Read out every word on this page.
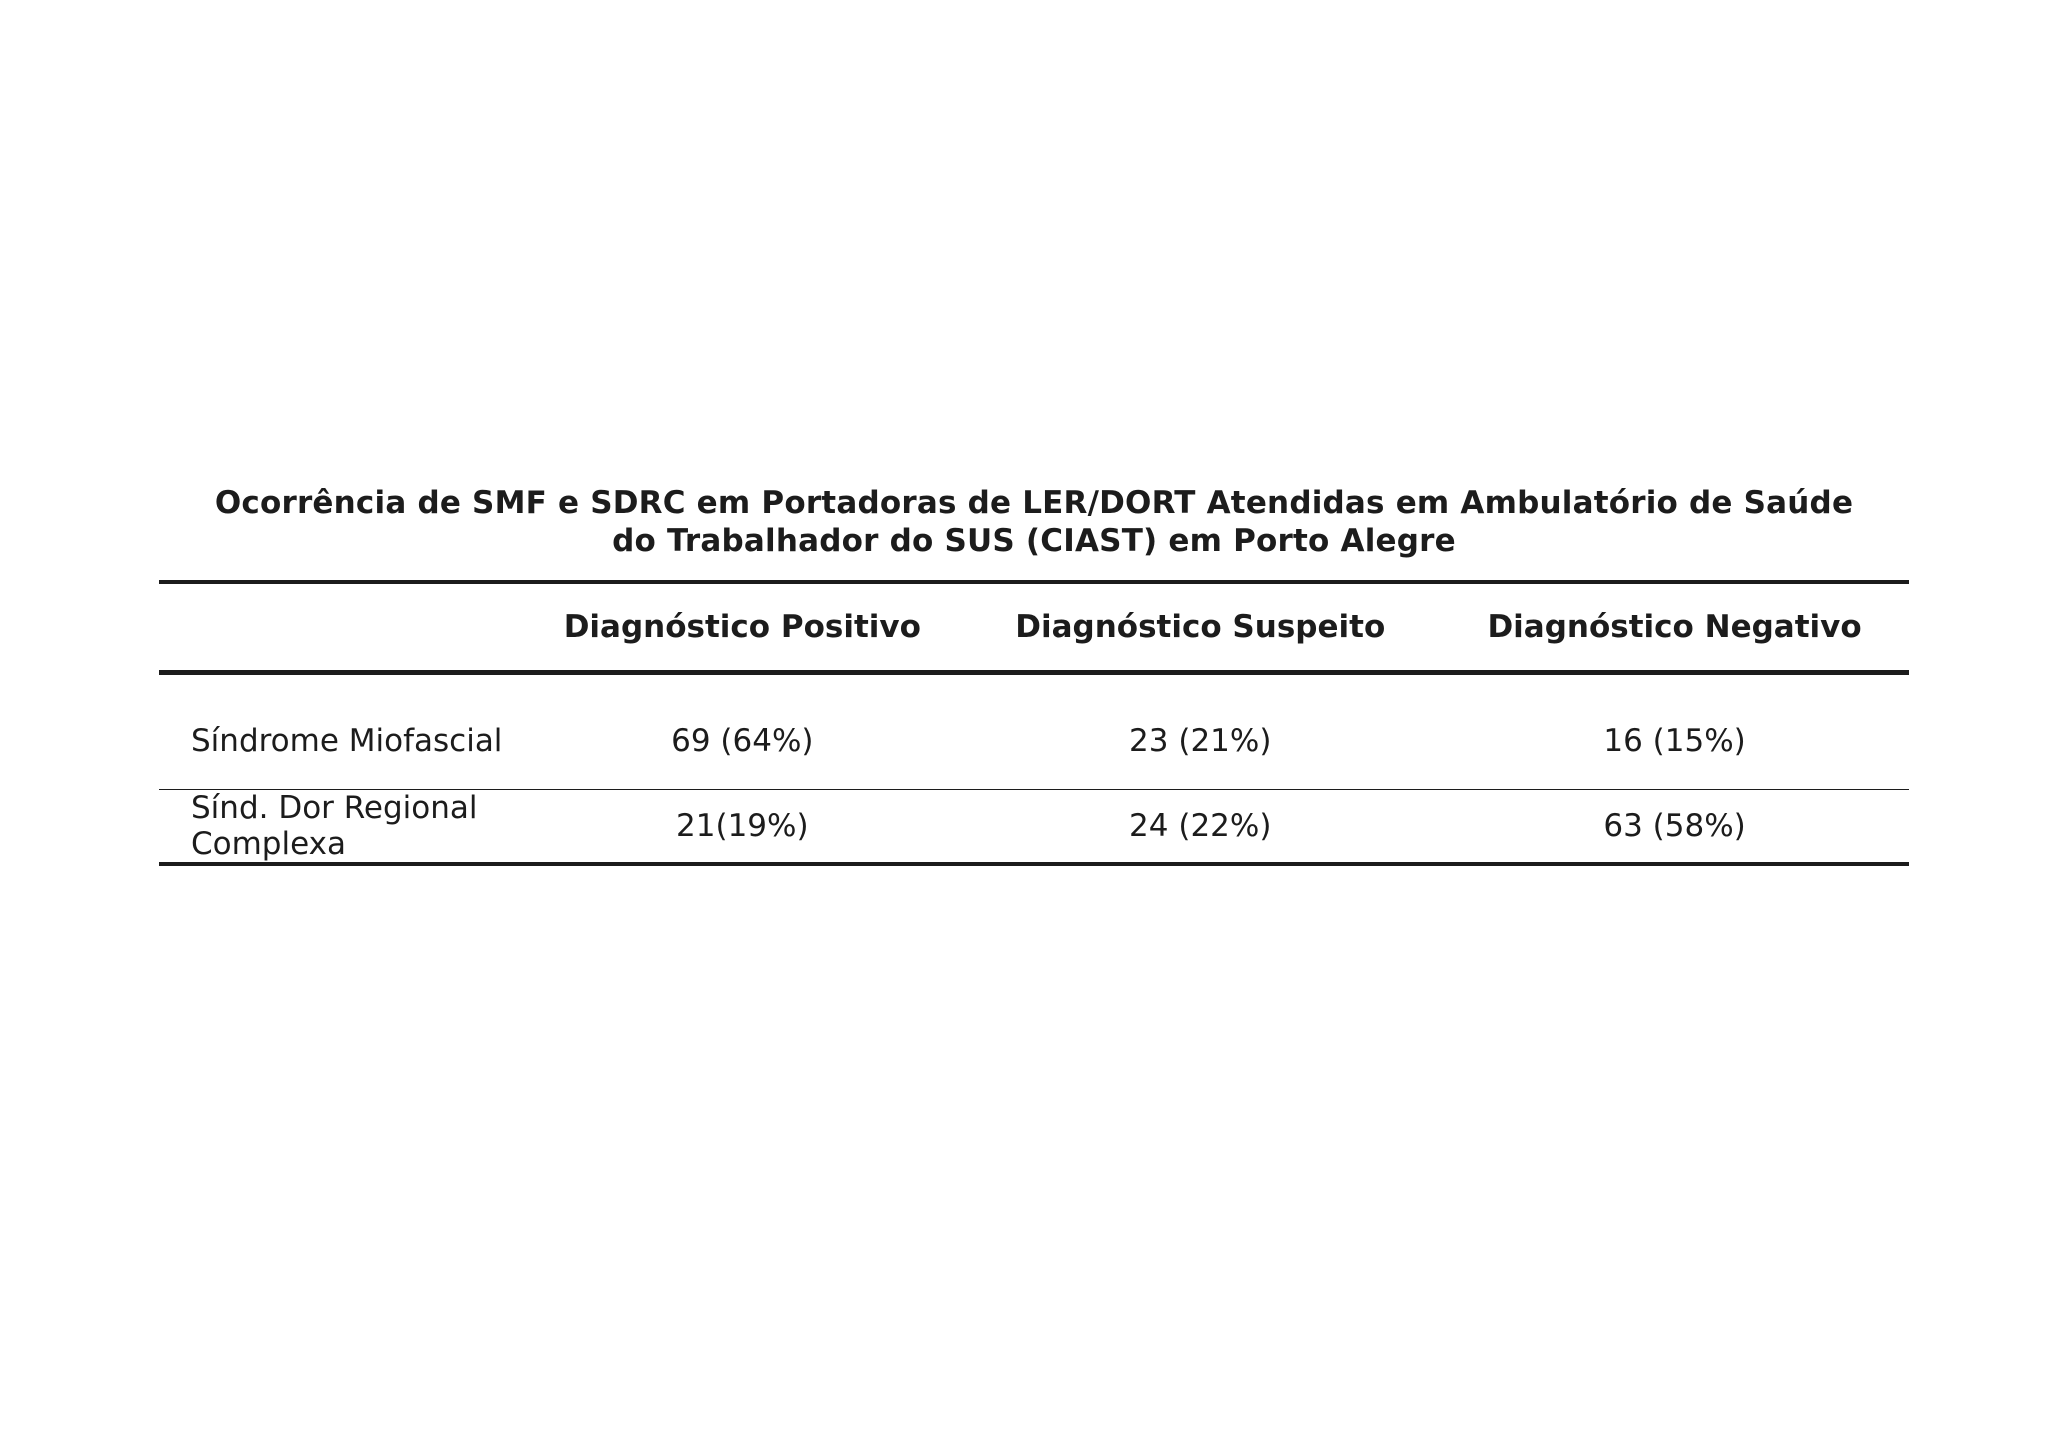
Ocorrência de SMF e SDRC em Portadoras de LER/DORT Atendidas em Ambulatório de Saúde
do Trabalhador do SUS (CIAST) em Porto Alegre
	Diagnóstico Positivo	Diagnóstico Suspeito	Diagnóstico Negativo
Síndrome Miofascial	69 (64%)	23 (21%)	16 (15%)
Sínd. Dor Regional Complexa	21(19%)	24 (22%)	63 (58%)
